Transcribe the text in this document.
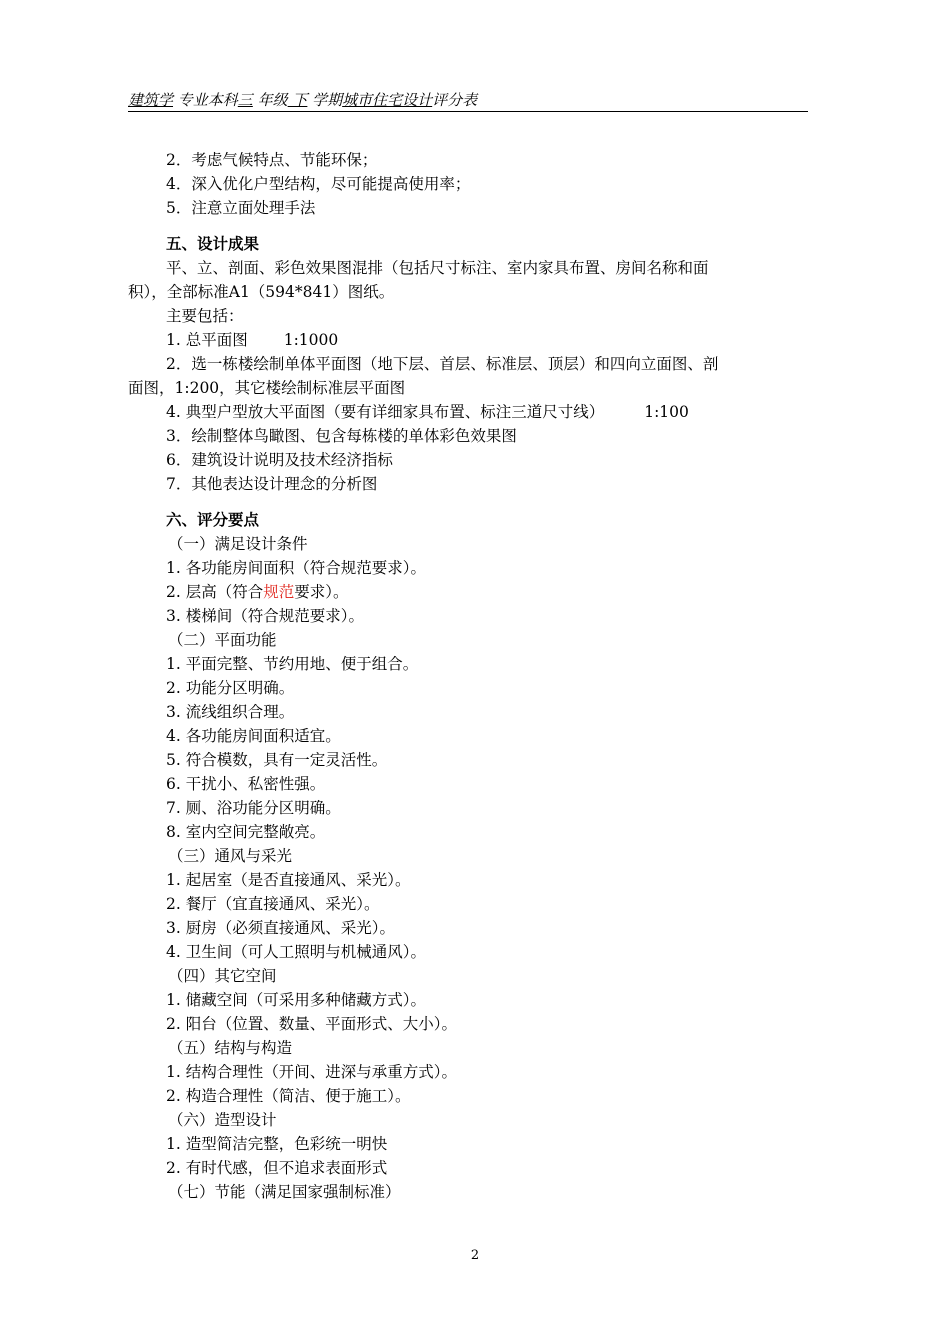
建筑学 专业本科三 年级 下 学期城市住宅设计评分表
2．考虑气候特点、节能环保；
4．深入优化户型结构，尽可能提高使用率；
5．注意立面处理手法
五、设计成果
平、立、剖面、彩色效果图混排（包括尺寸标注、室内家具布置、房间名称和面
积），全部标准A1（594*841）图纸。
主要包括：
1. 总平面图 1:1000
2．选一栋楼绘制单体平面图（地下层、首层、标准层、顶层）和四向立面图、剖
面图，1:200，其它楼绘制标准层平面图
4. 典型户型放大平面图（要有详细家具布置、标注三道尺寸线）	1:100
3．绘制整体鸟瞰图、包含每栋楼的单体彩色效果图
6．建筑设计说明及技术经济指标
7．其他表达设计理念的分析图
六、评分要点
（一）满足设计条件
1. 各功能房间面积（符合规范要求）。
2. 层高（符合规范要求）。
3. 楼梯间（符合规范要求）。
（二）平面功能
1. 平面完整、节约用地、便于组合。
2. 功能分区明确。
3. 流线组织合理。
4. 各功能房间面积适宜。
5. 符合模数，具有一定灵活性。
6. 干扰小、私密性强。
7. 厕、浴功能分区明确。
8. 室内空间完整敞亮。
（三）通风与采光
1. 起居室（是否直接通风、采光）。
2. 餐厅（宜直接通风、采光）。
3. 厨房（必须直接通风、采光）。
4. 卫生间（可人工照明与机械通风）。
（四）其它空间
1. 储藏空间（可采用多种储藏方式）。
2. 阳台（位置、数量、平面形式、大小）。
（五）结构与构造
1. 结构合理性（开间、进深与承重方式）。
2. 构造合理性（简洁、便于施工）。
（六）造型设计
1. 造型简洁完整，色彩统一明快
2. 有时代感，但不追求表面形式
（七）节能（满足国家强制标准）
2
